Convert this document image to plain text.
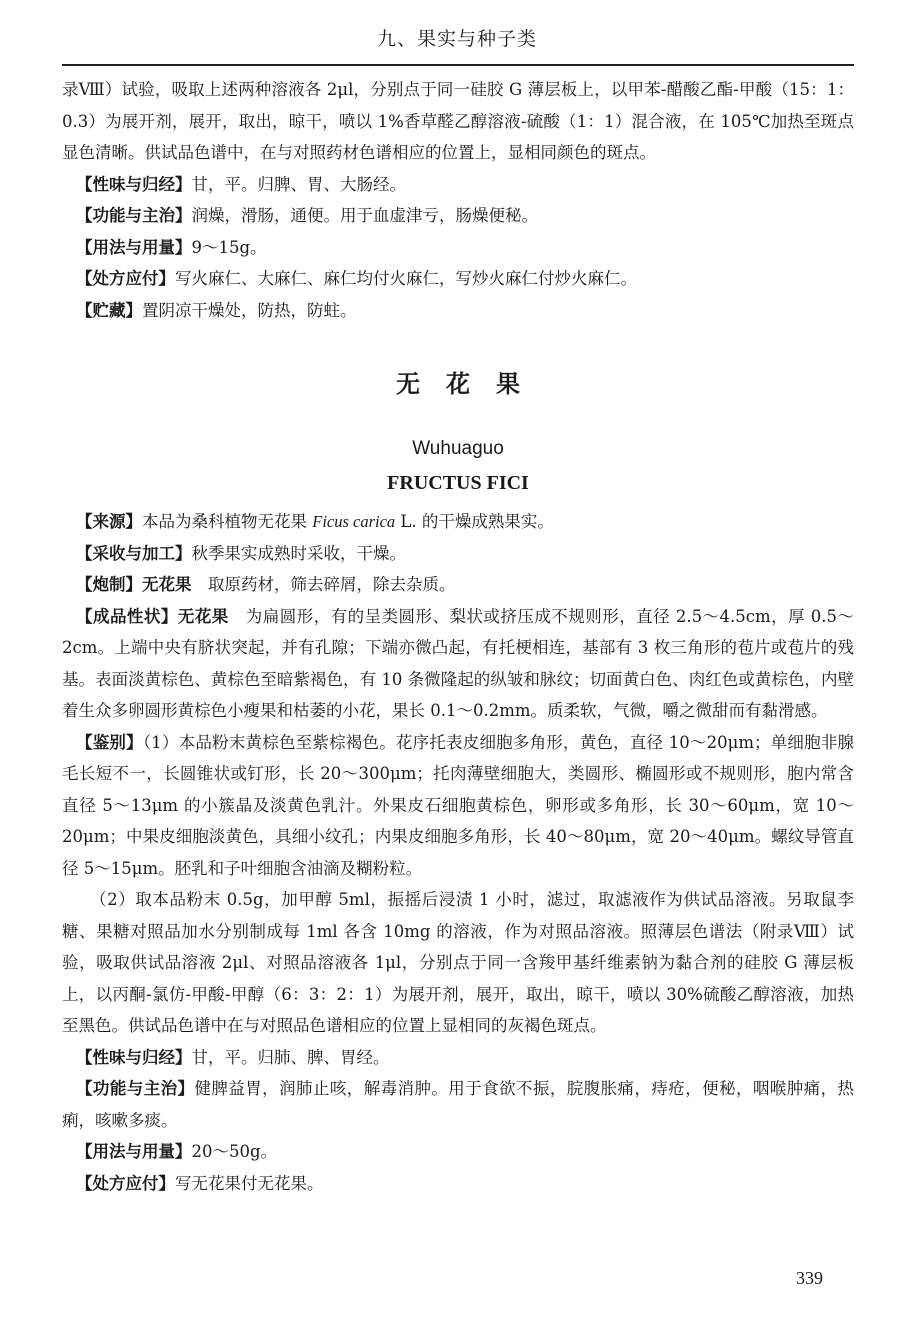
九、果实与种子类

录Ⅷ）试验，吸取上述两种溶液各 2μl，分别点于同一硅胶 G 薄层板上，以甲苯-醋酸乙酯-甲酸（15：1：0.3）为展开剂，展开，取出，晾干，喷以 1%香草醛乙醇溶液-硫酸（1：1）混合液，在 105℃加热至斑点显色清晰。供试品色谱中，在与对照药材色谱相应的位置上，显相同颜色的斑点。

【性味与归经】甘，平。归脾、胃、大肠经。

【功能与主治】润燥，滑肠，通便。用于血虚津亏，肠燥便秘。

【用法与用量】9～15g。

【处方应付】写火麻仁、大麻仁、麻仁均付火麻仁，写炒火麻仁付炒火麻仁。

【贮藏】置阴凉干燥处，防热，防蛀。

无花果
Wuhuaguo
FRUCTUS FICI

【来源】本品为桑科植物无花果 Ficus carica L. 的干燥成熟果实。

【采收与加工】秋季果实成熟时采收，干燥。

【炮制】无花果　取原药材，筛去碎屑，除去杂质。

【成品性状】无花果　为扁圆形，有的呈类圆形、梨状或挤压成不规则形，直径 2.5～4.5cm，厚 0.5～2cm。上端中央有脐状突起，并有孔隙；下端亦微凸起，有托梗相连，基部有 3 枚三角形的苞片或苞片的残基。表面淡黄棕色、黄棕色至暗紫褐色，有 10 条微隆起的纵皱和脉纹；切面黄白色、肉红色或黄棕色，内壁着生众多卵圆形黄棕色小瘦果和枯萎的小花，果长 0.1～0.2mm。质柔软，气微，嚼之微甜而有黏滑感。

【鉴别】（1）本品粉末黄棕色至紫棕褐色。花序托表皮细胞多角形，黄色，直径 10～20μm；单细胞非腺毛长短不一，长圆锥状或钉形，长 20～300μm；托肉薄壁细胞大，类圆形、椭圆形或不规则形，胞内常含直径 5～13μm 的小簇晶及淡黄色乳汁。外果皮石细胞黄棕色，卵形或多角形，长 30～60μm，宽 10～20μm；中果皮细胞淡黄色，具细小纹孔；内果皮细胞多角形，长 40～80μm，宽 20～40μm。螺纹导管直径 5～15μm。胚乳和子叶细胞含油滴及糊粉粒。

（2）取本品粉末 0.5g，加甲醇 5ml，振摇后浸渍 1 小时，滤过，取滤液作为供试品溶液。另取鼠李糖、果糖对照品加水分别制成每 1ml 各含 10mg 的溶液，作为对照品溶液。照薄层色谱法（附录Ⅷ）试验，吸取供试品溶液 2μl、对照品溶液各 1μl，分别点于同一含羧甲基纤维素钠为黏合剂的硅胶 G 薄层板上，以丙酮-氯仿-甲酸-甲醇（6：3：2：1）为展开剂，展开，取出，晾干，喷以 30%硫酸乙醇溶液，加热至黑色。供试品色谱中在与对照品色谱相应的位置上显相同的灰褐色斑点。

【性味与归经】甘，平。归肺、脾、胃经。

【功能与主治】健脾益胃，润肺止咳，解毒消肿。用于食欲不振，脘腹胀痛，痔疮，便秘，咽喉肿痛，热痢，咳嗽多痰。

【用法与用量】20～50g。

【处方应付】写无花果付无花果。

339
